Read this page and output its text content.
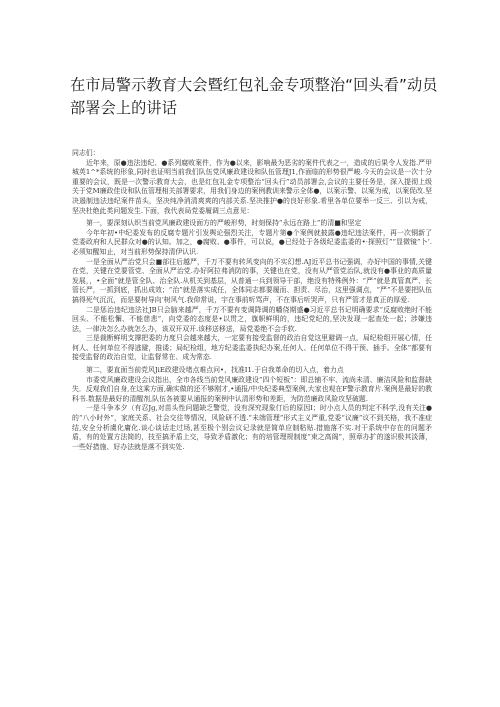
在市局警示教育大会暨红包礼金专项整治“回头看”动员部署会上的讲话

同志们：

近年来，原●违法违纪、●系列腐败案件，作为●以来，影响最为恶劣的案件代表之一，造成的后果令人发指.严甲城英1^*系统的形象,同时也证明当前我们队伍党风廉政建设和队伍管理J1,作面临的形势很严峻.今天的会议是一次十分重要的会议，既是一次警示教育大会，也是红包礼金专项整治“回头行”动员部署会,会议的主要任务是，深入提彻上级关于党M廉政佳设和队伍管理相关部署要求，用我们身边的案例教训来警示全体●，以案示警、以案为戒，以案促改.坚决遏制违法违纪案件苗头，坚决纯净消清爽爽的内部关系.坚决推护●的良好形象.希里各单位要举一反三、引以为戒，坚决杜绝此类问题发生.下面，我代表局党委履调三点意见：

第一，要深刻认织当前党风廉政建设面方的严峻形势，时刻保持“永远在路上”的清■和坚定

今年年初•中纪委发布的反腐专题片引发舆论强烈关注，专题片第●个案例就披露●违纪违法案件，再一次铜新了党委政府和人民群众对●的认知。加之，●腐败、●事件，可以说，●已经处于各级纪委监委的•·探照灯”“显微镜”卜’.必须知醒知止，对当前形势保持清伊认识.

一是全面从严治党只会■部往后越严，千万不要有转风变向的不实幻想.AJ近平总书记强调，办好中国的事情,关键在党，关键在党要管党、全面从严治党.办好阿拉弗消防的事，关键也在党，没有从严管党治队,就没有●事业的高质量发展，，•全面”就是管全队、治全队.从机关到基层，从普通一兵到领导干部，绝没有特殊例外：“严”就是真管真严、长管长严，一抓到底，抓出成效；“治”就是落实成任，全体同志都要履而、担责、尽治，这里强调点，“严”不是要把队伍搞得死气沉沉，而是要树导向‘树风气.我仰常说，宇在事前听骂声，不在事后听哭声，只有严管才是真正的厚爱.

二是惩治违纪违法社JB只会脑来越严，千万不要有变调降调的幡侥期盛●习近平总书记明确要求“反腐败绝时不能回头、不能松懈、不能慈悲”，向党委的态度是•以贯之，旗帜鲜明的，违纪党纪的,坚决发现一起查处一起；涉嫌违法，一律决怎么办就怎么办，该双开双开.该移送移送，局党委绝不会手软.

三是裁断鲜明支撑把委的力度只会越来越大，一定要有接受监督的政治自觉这里避调一点，局纪检组开展心情，任何人、任何单位不得逃避，推诿；局纪检组，地方纪委监委执纪办案,任何人、任何单位不得干预、插手。全体”都要有接受监督的政治自觉，让监督常在、成为常态.

第二，要直面当前党风JiE政建设堵点难点问•，找准I1.于自我革命的切入点，着力点

市委党风廉政建设会议指出，全市各线当前党风廉政建设“四个短板”：即总铺不牢、流尚未清、廉洁风险和监督缺失．反观我们自身,在这乘方面,确实做的还不够刚才,•通报/中央纪委典型案例,大家也观在F警示教育片.案例是最好的教科书.数据是最好的清醒剂,队伍各被要从通报的案例中认清形势和差距，为防范廉政风险攻坚破题.

一是斗争本夕（有忍Jg,对苗头性问题缺乏警觉，没有深究现象仃后的原因I；时小点人员的判定不科学,没有关注●的“八小时外”，家庭关系、社会交往等情况，风险研不透.“未端管理”形式主义严重,党委“议廉”议不到关格，我不准症结,安全分析虞化庸化.谈心谈话走过场,甚至极个别会议记录就是简单应制粘贴.措施落不实.对干系统中存在的问题矛盾，有的处置方法简的，技至搞矛盾上交，导致矛盾激化；有的培管理规制度“束之高阁”，照章办扩的遂识极其淡薄，一些好措施、好办法就是落不到实处.
